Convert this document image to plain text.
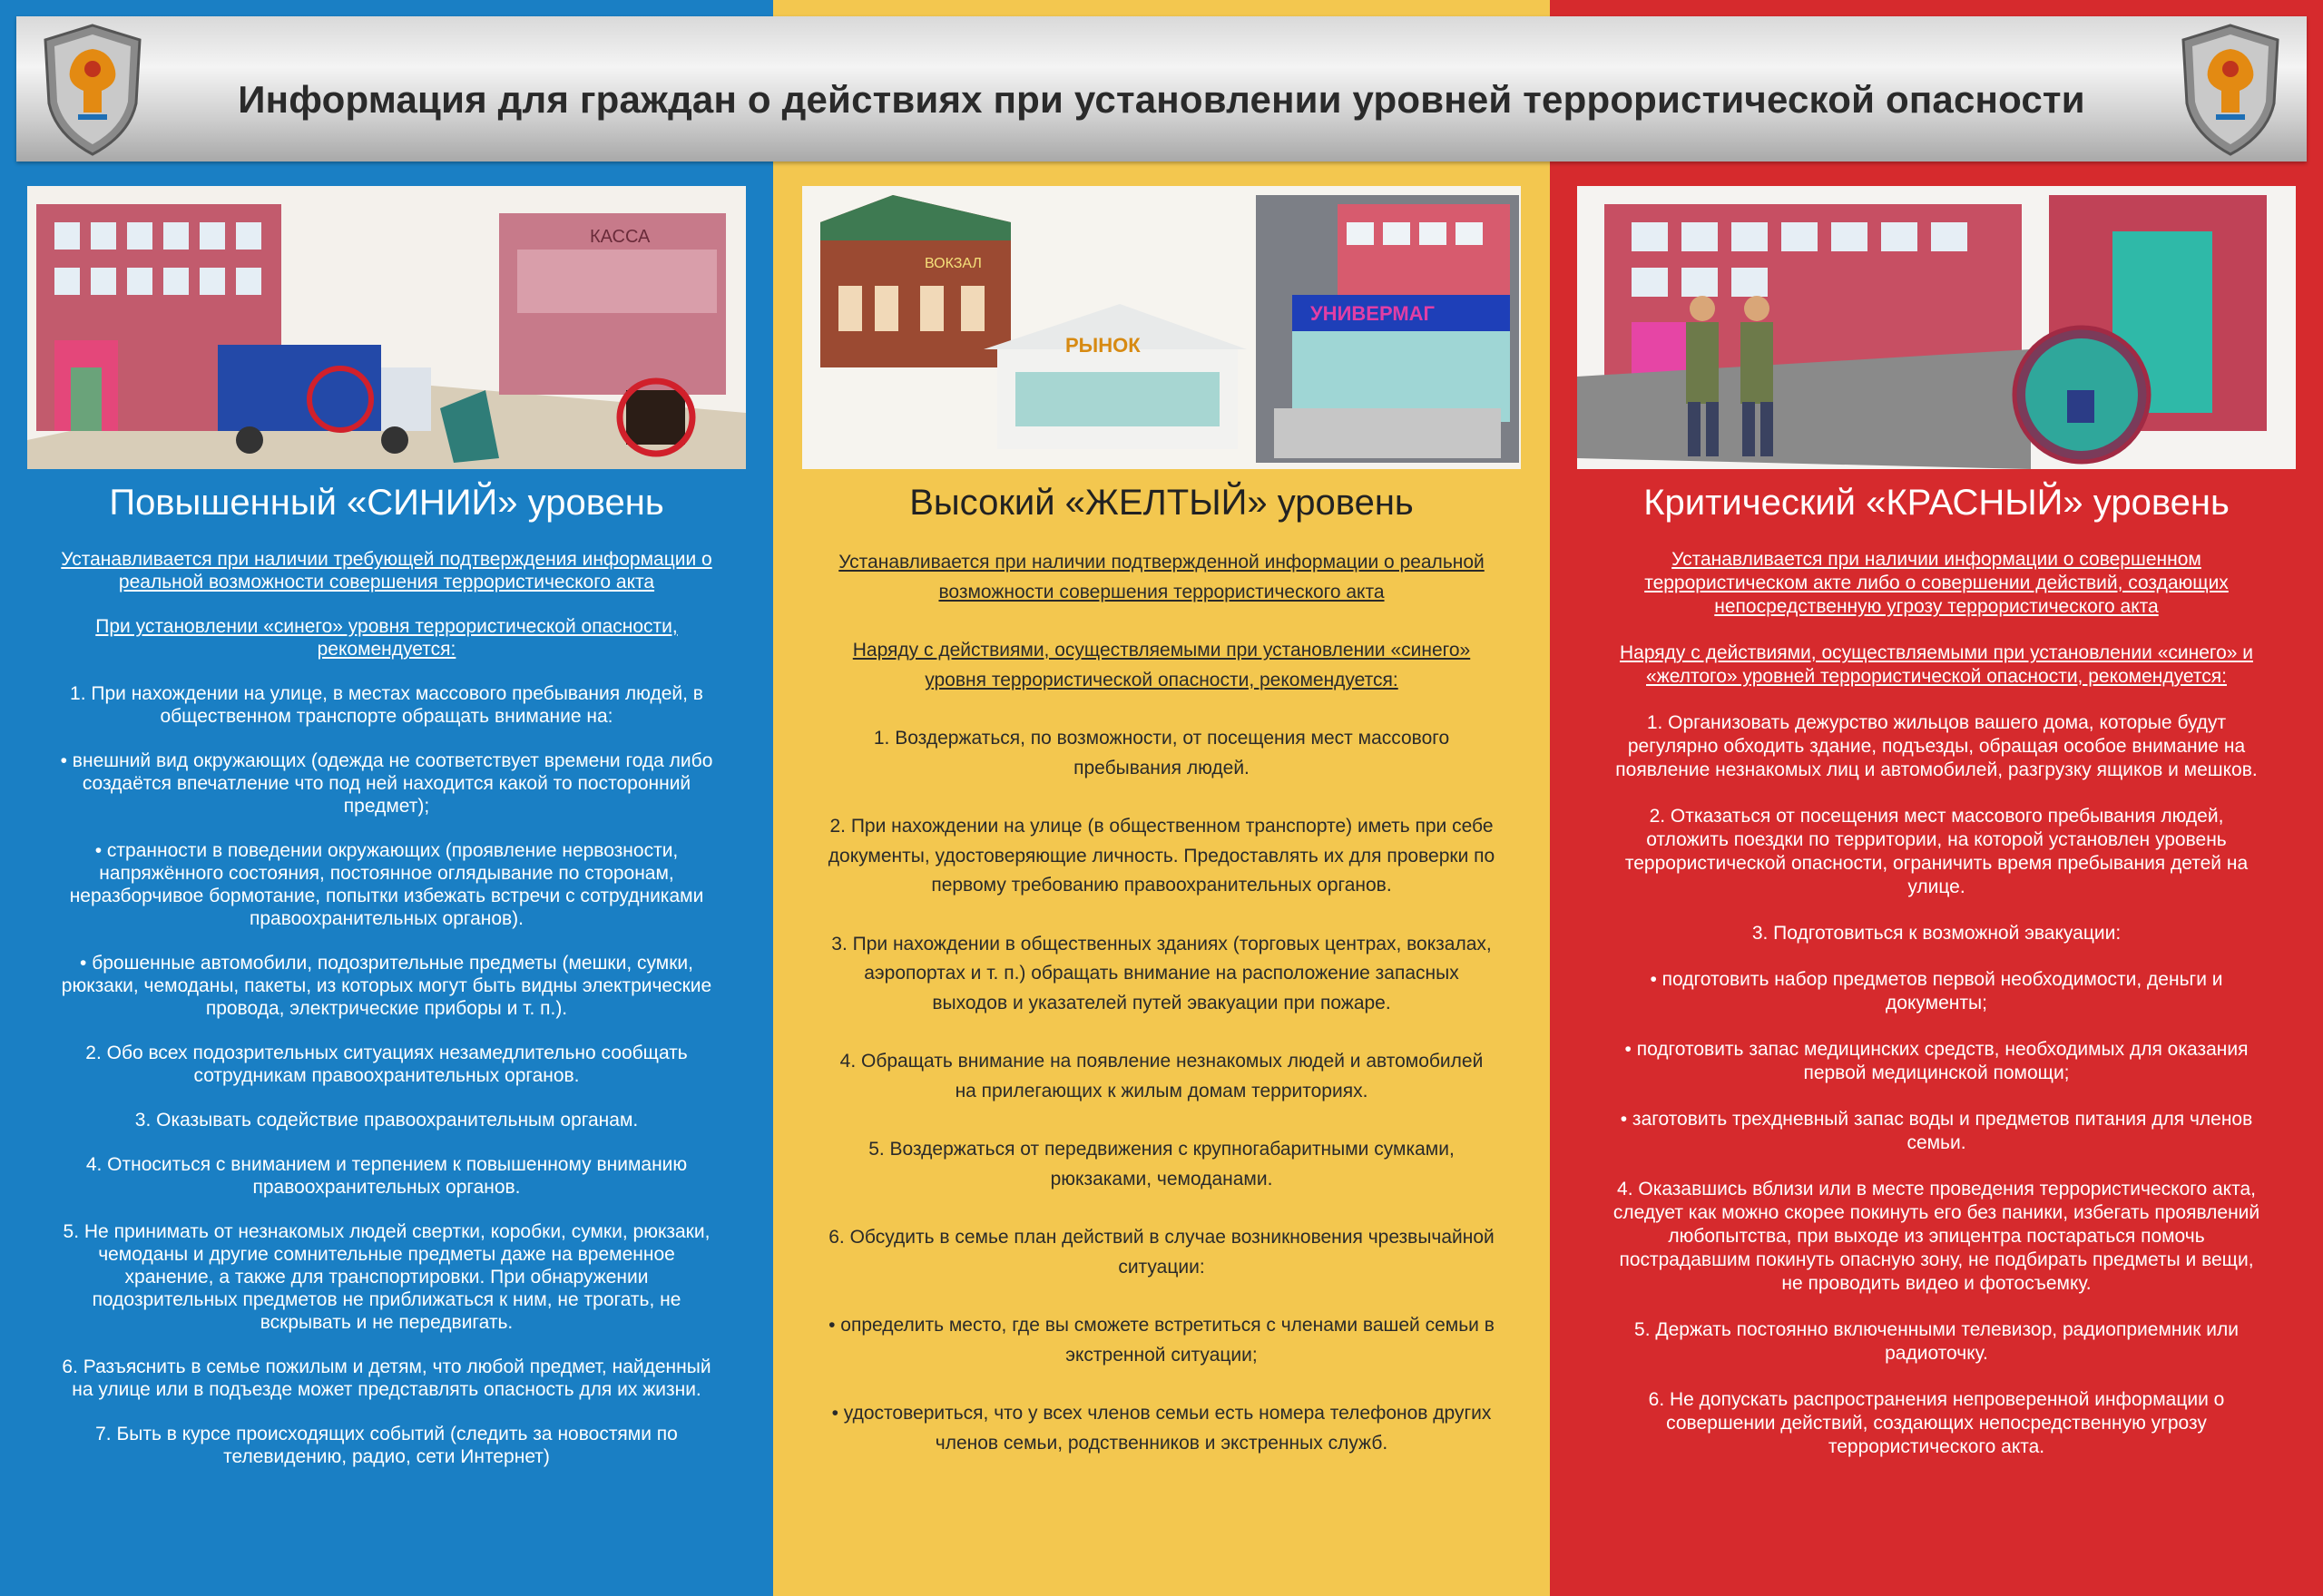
Информация для граждан о действиях при установлении уровней террористической опасности
КАССА
ВОКЗАЛ
РЫНОК
УНИВЕРМАГ
Повышенный «СИНИЙ» уровень	Высокий «ЖЕЛТЫЙ» уровень	Критический «КРАСНЫЙ» уровень

Устанавливается при наличии требующей подтверждения информации о реальной возможности совершения террористического акта

При установлении «синего» уровня террористической опасности, рекомендуется:

1. При нахождении на улице, в местах массового пребывания людей, в общественном транспорте обращать внимание на:

• внешний вид окружающих (одежда не соответствует времени года либо создаётся впечатление что под ней находится какой то посторонний предмет);

• странности в поведении окружающих (проявление нервозности, напряжённого состояния, постоянное оглядывание по сторонам, неразборчивое бормотание, попытки избежать встречи с сотрудниками правоохранительных органов).

• брошенные автомобили, подозрительные предметы (мешки, сумки, рюкзаки, чемоданы, пакеты, из которых могут быть видны электрические провода, электрические приборы и т. п.).

2. Обо всех подозрительных ситуациях незамедлительно сообщать сотрудникам правоохранительных органов.

3. Оказывать содействие правоохранительным органам.

4. Относиться с вниманием и терпением к повышенному вниманию правоохранительных органов.

5. Не принимать от незнакомых людей свертки, коробки, сумки, рюкзаки, чемоданы и другие сомнительные предметы даже на временное хранение, а также для транспортировки. При обнаружении подозрительных предметов не приближаться к ним, не трогать, не вскрывать и не передвигать.

6. Разъяснить в семье пожилым и детям, что любой предмет, найденный на улице или в подъезде может представлять опасность для их жизни.

7. Быть в курсе происходящих событий (следить за новостями по телевидению, радио, сети Интернет)

Устанавливается при наличии подтвержденной информации о реальной возможности совершения террористического акта

Наряду с действиями, осуществляемыми при установлении «синего» уровня террористической опасности, рекомендуется:

1. Воздержаться, по возможности, от посещения мест массового пребывания людей.

2. При нахождении на улице (в общественном транспорте) иметь при себе документы, удостоверяющие личность. Предоставлять их для проверки по первому требованию правоохранительных органов.

3. При нахождении в общественных зданиях (торговых центрах, вокзалах, аэропортах и т. п.) обращать внимание на расположение запасных выходов и указателей путей эвакуации при пожаре.

4. Обращать внимание на появление незнакомых людей и автомобилей на прилегающих к жилым домам территориях.

5. Воздержаться от передвижения с крупногабаритными сумками, рюкзаками, чемоданами.

6. Обсудить в семье план действий в случае возникновения чрезвычайной ситуации:

• определить место, где вы сможете встретиться с членами вашей семьи в экстренной ситуации;

• удостовериться, что у всех членов семьи есть номера телефонов других членов семьи, родственников и экстренных служб.

Устанавливается при наличии информации о совершенном террористическом акте либо о совершении действий, создающих непосредственную угрозу террористического акта

Наряду с действиями, осуществляемыми при установлении «синего» и «желтого» уровней террористической опасности, рекомендуется:

1. Организовать дежурство жильцов вашего дома, которые будут регулярно обходить здание, подъезды, обращая особое внимание на появление незнакомых лиц и автомобилей, разгрузку ящиков и мешков.

2. Отказаться от посещения мест массового пребывания людей, отложить поездки по территории, на которой установлен уровень террористической опасности, ограничить время пребывания детей на улице.

3. Подготовиться к возможной эвакуации:

• подготовить набор предметов первой необходимости, деньги и документы;

• подготовить запас медицинских средств, необходимых для оказания первой медицинской помощи;

• заготовить трехдневный запас воды и предметов питания для членов семьи.

4. Оказавшись вблизи или в месте проведения террористического акта, следует как можно скорее покинуть его без паники, избегать проявлений любопытства, при выходе из эпицентра постараться помочь пострадавшим покинуть опасную зону, не подбирать предметы и вещи, не проводить видео и фотосъемку.

5. Держать постоянно включенными телевизор, радиоприемник или радиоточку.

6. Не допускать распространения непроверенной информации о совершении действий, создающих непосредственную угрозу террористического акта.
